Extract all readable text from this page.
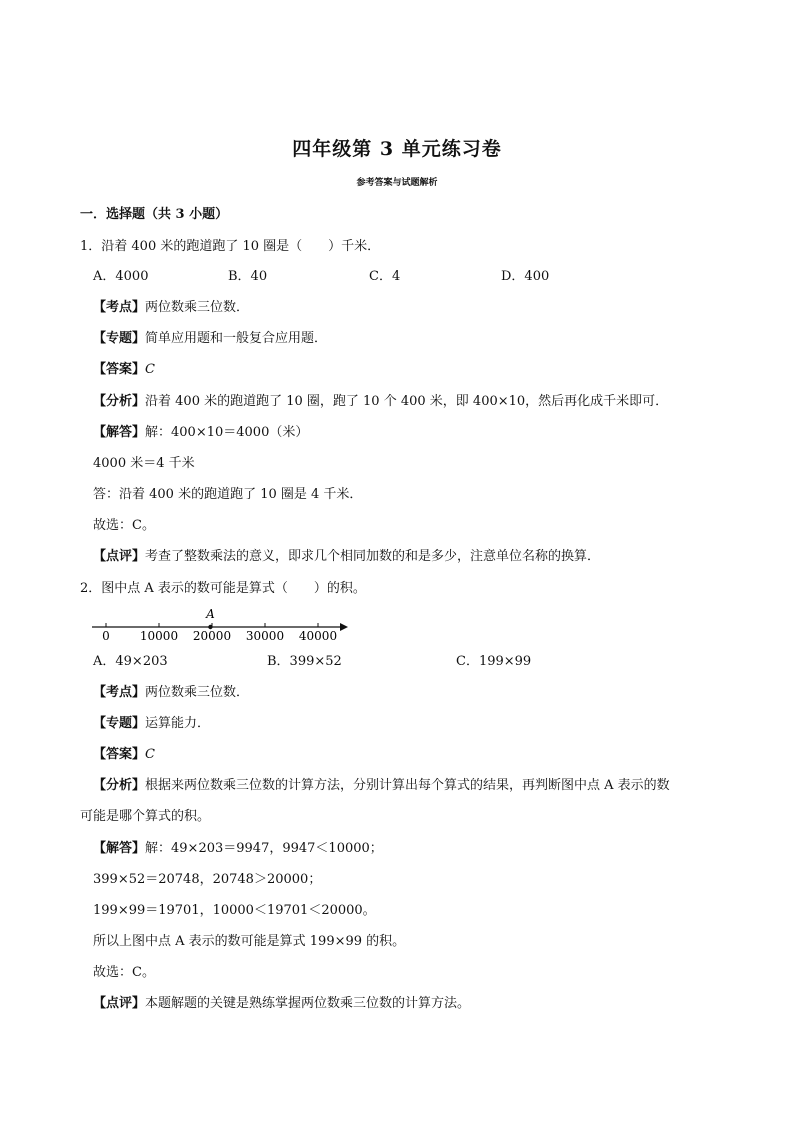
四年级第 3 单元练习卷
参考答案与试题解析
一．选择题（共 3 小题）
1．沿着 400 米的跑道跑了 10 圈是（　　）千米．
A．4000	B．40	C．4	D．400
【考点】两位数乘三位数．
【专题】简单应用题和一般复合应用题．
【答案】C
【分析】沿着 400 米的跑道跑了 10 圈，跑了 10 个 400 米，即 400×10，然后再化成千米即可．
【解答】解：400×10＝4000（米）
4000 米＝4 千米
答：沿着 400 米的跑道跑了 10 圈是 4 千米．
故选：C。
【点评】考查了整数乘法的意义，即求几个相同加数的和是多少，注意单位名称的换算．
2．图中点 A 表示的数可能是算式（　　）的积。
0	10000 20000 30000 40000
A
A．49×203	B．399×52	C．199×99
【考点】两位数乘三位数．
【专题】运算能力．
【答案】C
【分析】根据来两位数乘三位数的计算方法，分别计算出每个算式的结果，再判断图中点 A 表示的数
可能是哪个算式的积。
【解答】解：49×203＝9947，9947＜10000；
399×52＝20748，20748＞20000；
199×99＝19701，10000＜19701＜20000。
所以上图中点 A 表示的数可能是算式 199×99 的积。
故选：C。
【点评】本题解题的关键是熟练掌握两位数乘三位数的计算方法。
